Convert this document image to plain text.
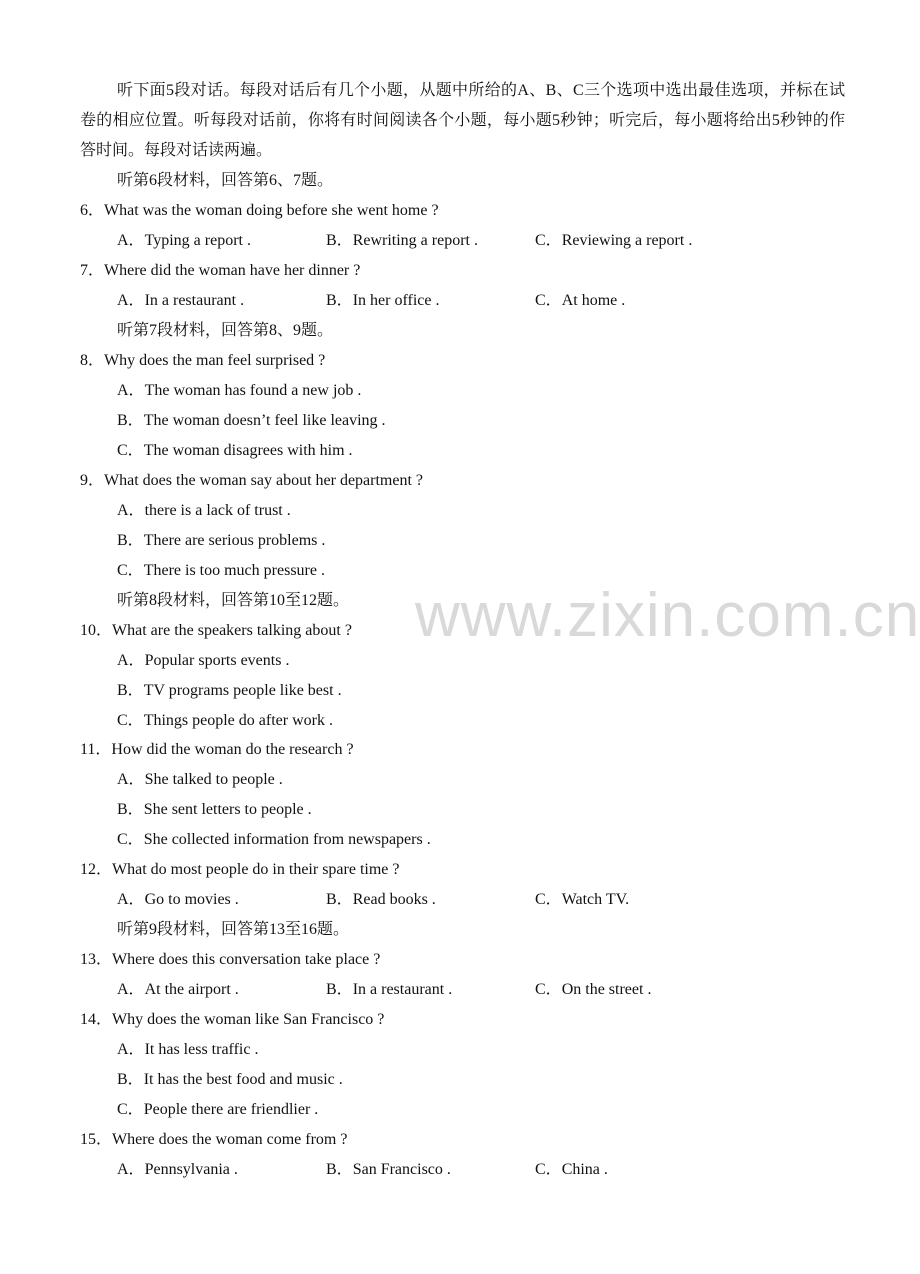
听下面5段对话。每段对话后有几个小题，从题中所给的A、B、C三个选项中选出最佳选项，并标在试卷的相应位置。听每段对话前，你将有时间阅读各个小题，每小题5秒钟；听完后，每小题将给出5秒钟的作答时间。每段对话读两遍。
听第6段材料，回答第6、7题。
6．What was the woman doing before she went home ?
A．Typing a report .	B．Rewriting a report .	C．Reviewing a report .
7．Where did the woman have her dinner ?
A．In a restaurant .	B．In her office .	C．At home .
听第7段材料，回答第8、9题。
8．Why does the man feel surprised ?
A．The woman has found a new job .
B．The woman doesn’t feel like leaving .
C．The woman disagrees with him .
9．What does the woman say about her department ?
A．there is a lack of trust .
B．There are serious problems .
C．There is too much pressure .
听第8段材料，回答第10至12题。
10．What are the speakers talking about ?
A．Popular sports events .
B．TV programs people like best .
C．Things people do after work .
11．How did the woman do the research ?
A．She talked to people .
B．She sent letters to people .
C．She collected information from newspapers .
12．What do most people do in their spare time ?
A．Go to movies .	B．Read books .	C．Watch TV.
听第9段材料，回答第13至16题。
13．Where does this conversation take place ?
A．At the airport .	B．In a restaurant .	C．On the street .
14．Why does the woman like San Francisco ?
A．It has less traffic .
B．It has the best food and music .
C．People there are friendlier .
15．Where does the woman come from ?
A．Pennsylvania .	B．San Francisco .	C．China .
www.zixin.com.cn
